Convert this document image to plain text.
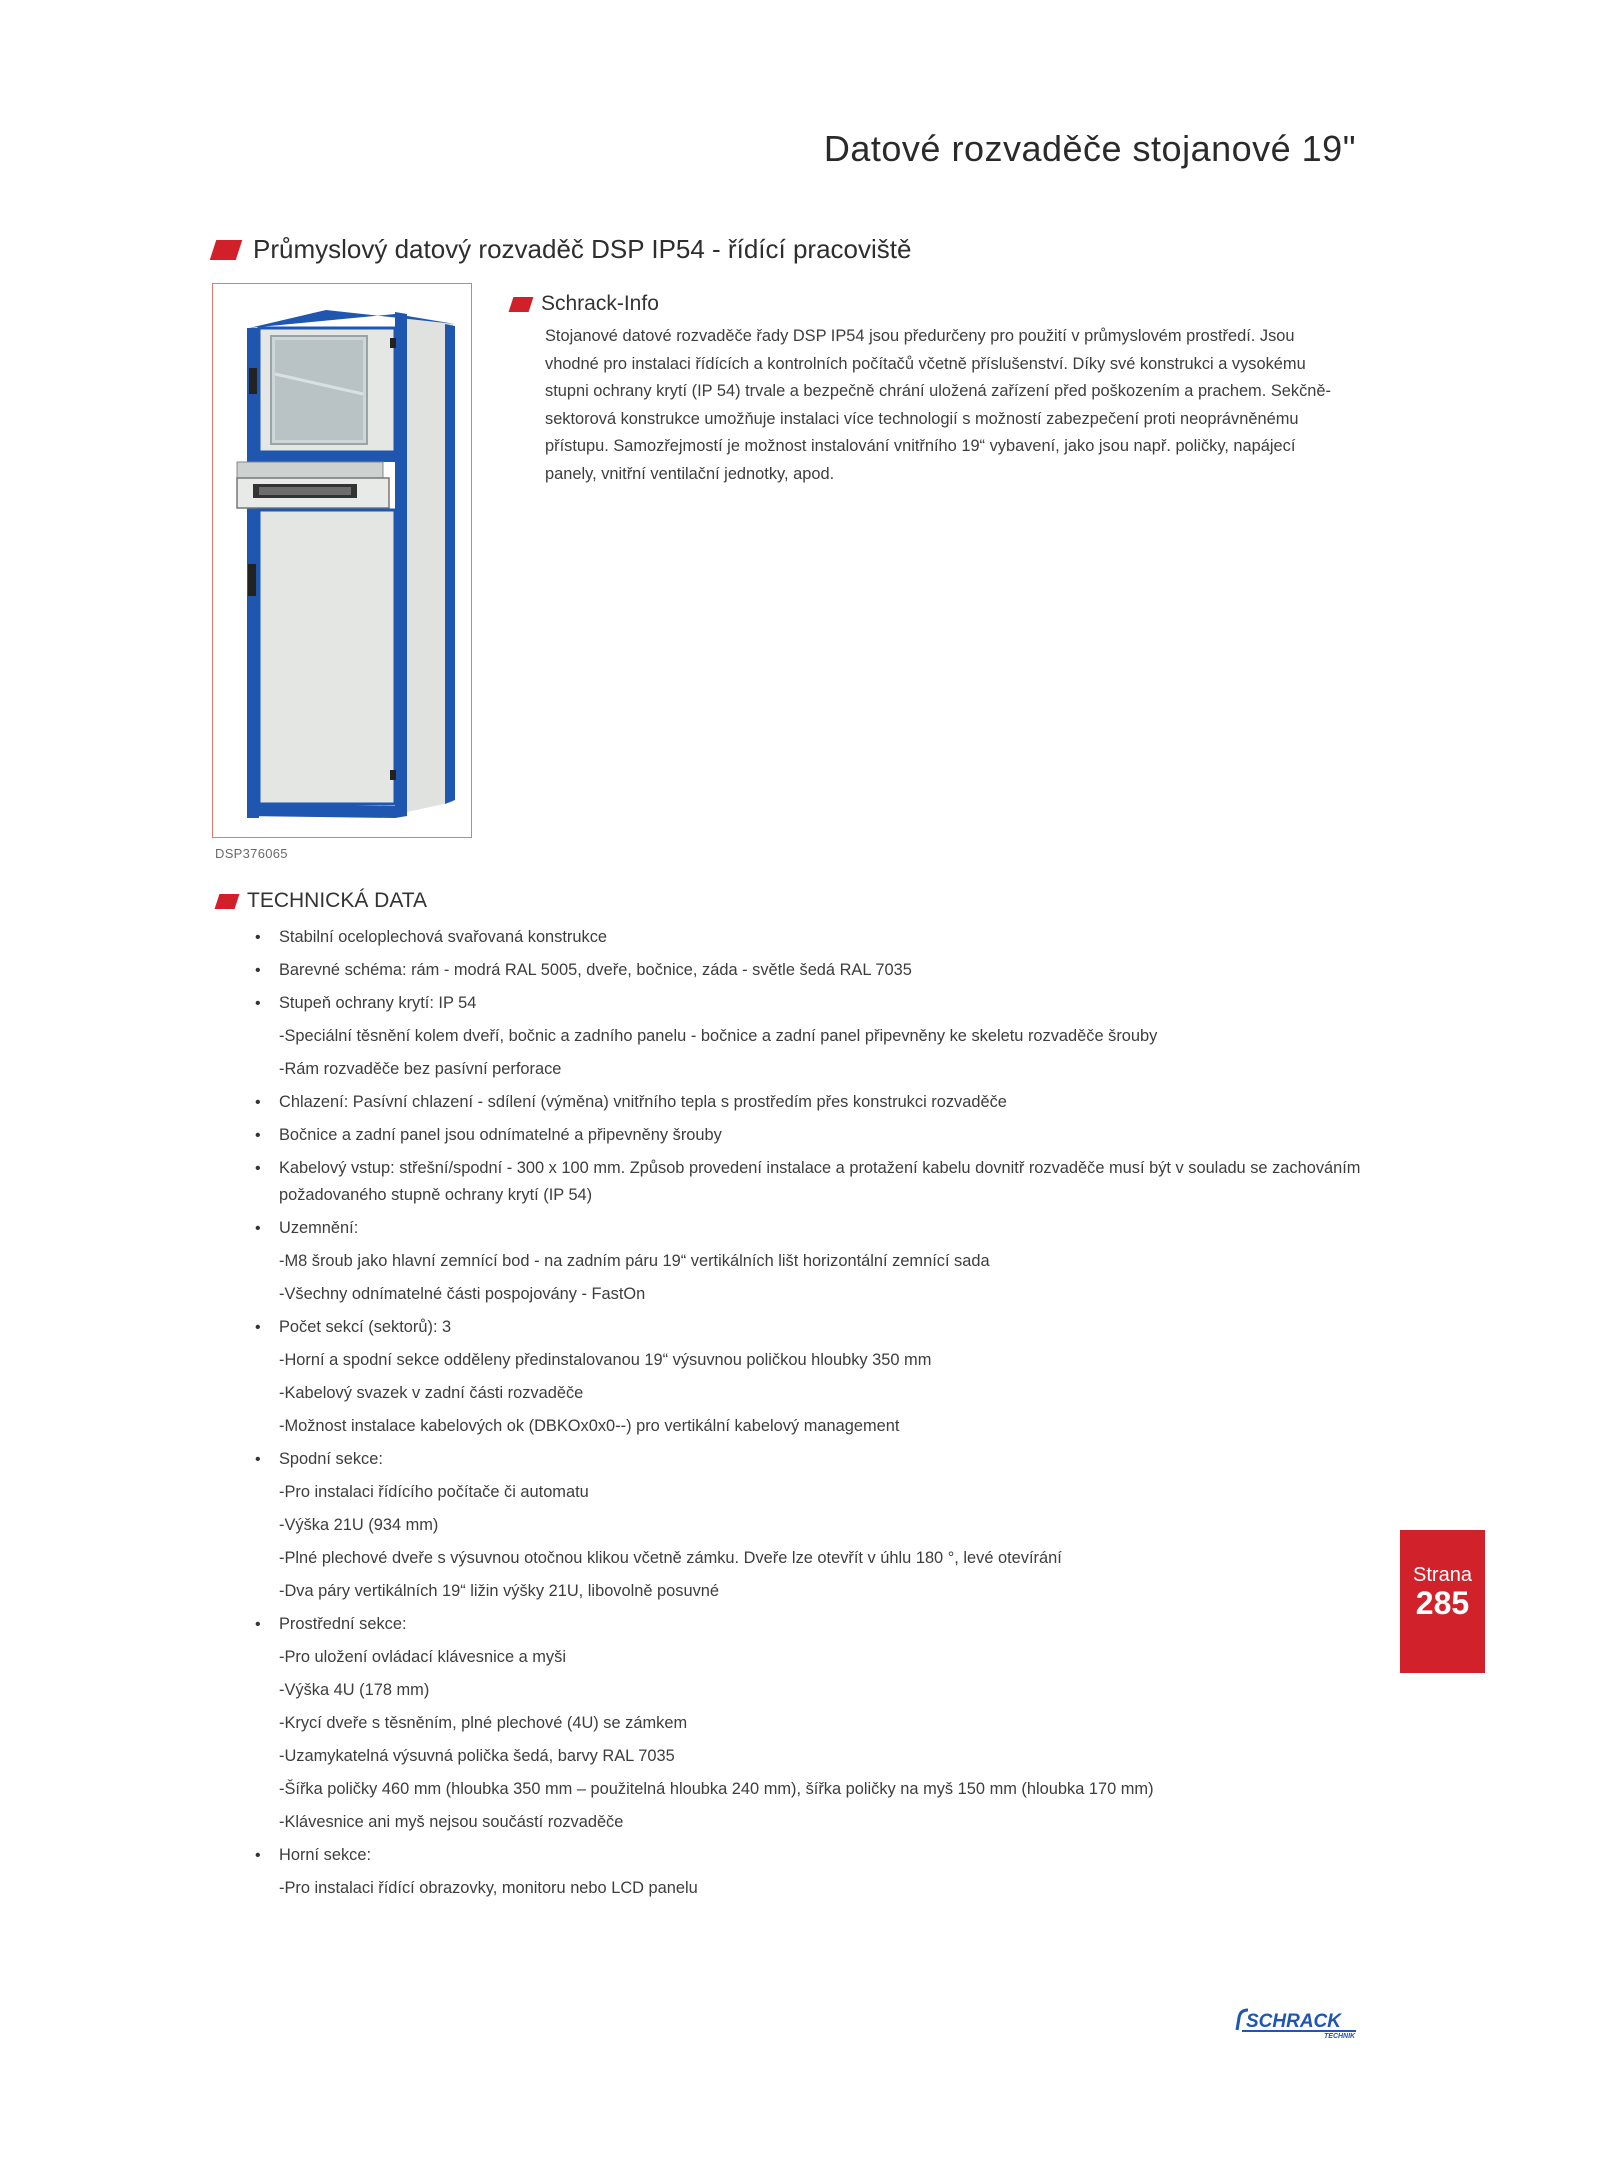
Datové rozvaděče stojanové 19"
Průmyslový datový rozvaděč DSP IP54 - řídící pracoviště
DSP376065
Schrack-Info
Stojanové datové rozvaděče řady DSP IP54 jsou předurčeny pro použití v průmyslovém prostředí. Jsou vhodné pro instalaci řídících a kontrolních počítačů včetně příslušenství. Díky své konstrukci a vysokému stupni ochrany krytí (IP 54) trvale a bezpečně chrání uložená zařízení před poškozením a prachem. Sekčně-sektorová konstrukce umožňuje instalaci více technologií s možností zabezpečení proti neoprávněnému přístupu. Samozřejmostí je možnost instalování vnitřního 19“ vybavení, jako jsou např. poličky, napájecí panely, vnitřní ventilační jednotky, apod.
TECHNICKÁ DATA
• Stabilní oceloplechová svařovaná konstrukce
• Barevné schéma: rám - modrá RAL 5005, dveře, bočnice, záda - světle šedá RAL 7035
• Stupeň ochrany krytí: IP 54
-Speciální těsnění kolem dveří, bočnic a zadního panelu - bočnice a zadní panel připevněny ke skeletu rozvaděče šrouby
-Rám rozvaděče bez pasívní perforace
• Chlazení: Pasívní chlazení - sdílení (výměna) vnitřního tepla s prostředím přes konstrukci rozvaděče
• Bočnice a zadní panel jsou odnímatelné a připevněny šrouby
• Kabelový vstup: střešní/spodní - 300 x 100 mm. Způsob provedení instalace a protažení kabelu dovnitř rozvaděče musí být v souladu se zachováním požadovaného stupně ochrany krytí (IP 54)
• Uzemnění:
-M8 šroub jako hlavní zemnící bod - na zadním páru 19“ vertikálních lišt horizontální zemnící sada
-Všechny odnímatelné části pospojovány - FastOn
• Počet sekcí (sektorů): 3
-Horní a spodní sekce odděleny předinstalovanou 19“ výsuvnou poličkou hloubky 350 mm
-Kabelový svazek v zadní části rozvaděče
-Možnost instalace kabelových ok (DBKOx0x0--) pro vertikální kabelový management
• Spodní sekce:
-Pro instalaci řídícího počítače či automatu
-Výška 21U (934 mm)
-Plné plechové dveře s výsuvnou otočnou klikou včetně zámku. Dveře lze otevřít v úhlu 180 °, levé otevírání
-Dva páry vertikálních 19“ ližin výšky 21U, libovolně posuvné
• Prostřední sekce:
-Pro uložení ovládací klávesnice a myši
-Výška 4U (178 mm)
-Krycí dveře s těsněním, plné plechové (4U) se zámkem
-Uzamykatelná výsuvná polička šedá, barvy RAL 7035
-Šířka poličky 460 mm (hloubka 350 mm – použitelná hloubka 240 mm), šířka poličky na myš 150 mm (hloubka 170 mm)
-Klávesnice ani myš nejsou součástí rozvaděče
• Horní sekce:
-Pro instalaci řídící obrazovky, monitoru nebo LCD panelu
Strana
285
SCHRACK
TECHNIK
